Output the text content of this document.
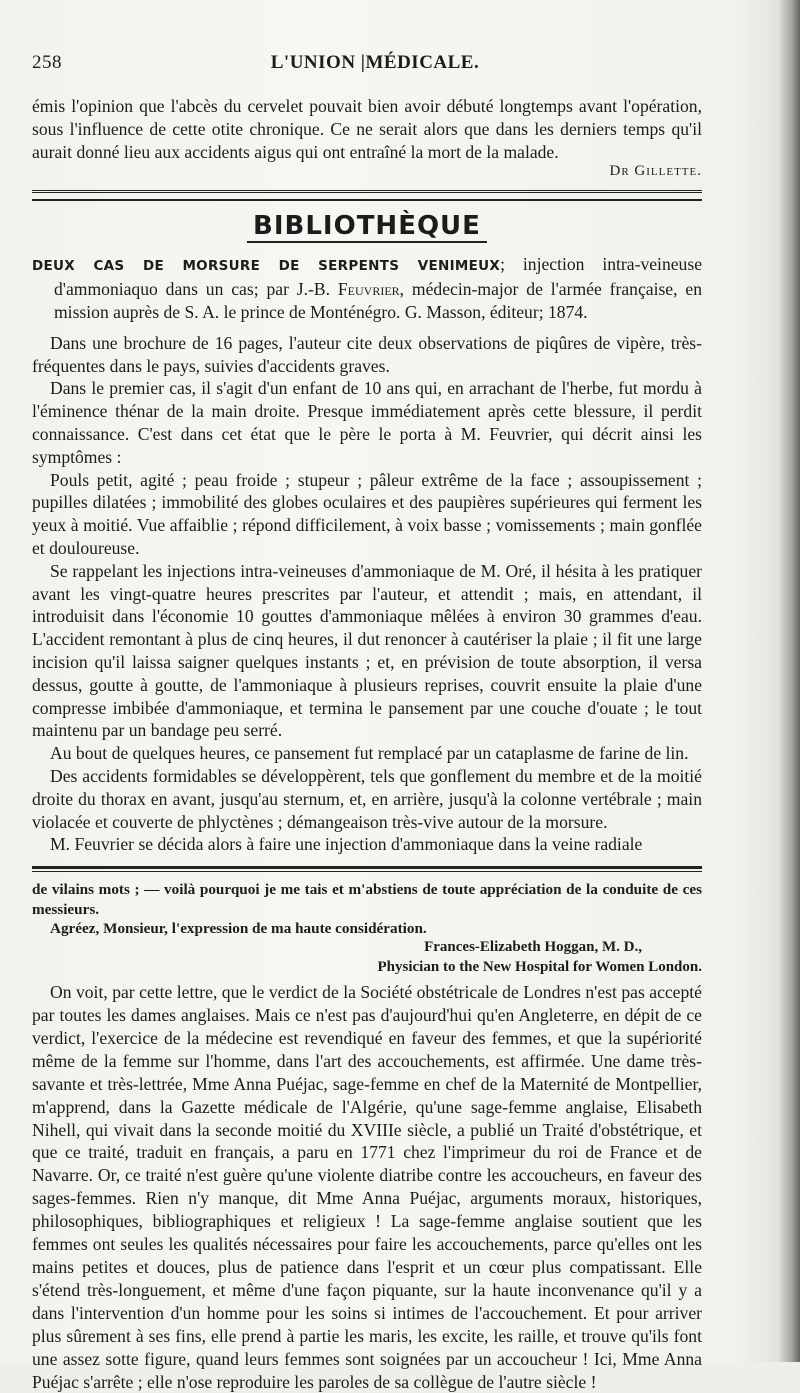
258	L'UNION |MÉDICALE.

émis l'opinion que l'abcès du cervelet pouvait bien avoir débuté longtemps avant l'opération, sous l'influence de cette otite chronique. Ce ne serait alors que dans les derniers temps qu'il aurait donné lieu aux accidents aigus qui ont entraîné la mort de la malade.

Dr Gillette.

BIBLIOTHÈQUE

DEUX CAS DE MORSURE DE SERPENTS VENIMEUX; injection intra-veineuse d'ammoniaquo dans un cas; par J.-B. Feuvrier, médecin-major de l'armée française, en mission auprès de S. A. le prince de Monténégro. G. Masson, éditeur; 1874.

Dans une brochure de 16 pages, l'auteur cite deux observations de piqûres de vipère, très-fréquentes dans le pays, suivies d'accidents graves.

Dans le premier cas, il s'agit d'un enfant de 10 ans qui, en arrachant de l'herbe, fut mordu à l'éminence thénar de la main droite. Presque immédiatement après cette blessure, il perdit connaissance. C'est dans cet état que le père le porta à M. Feuvrier, qui décrit ainsi les symptômes :

Pouls petit, agité ; peau froide ; stupeur ; pâleur extrême de la face ; assoupissement ; pupilles dilatées ; immobilité des globes oculaires et des paupières supérieures qui ferment les yeux à moitié. Vue affaiblie ; répond difficilement, à voix basse ; vomissements ; main gonflée et douloureuse.

Se rappelant les injections intra-veineuses d'ammoniaque de M. Oré, il hésita à les pratiquer avant les vingt-quatre heures prescrites par l'auteur, et attendit ; mais, en attendant, il introduisit dans l'économie 10 gouttes d'ammoniaque mêlées à environ 30 grammes d'eau. L'accident remontant à plus de cinq heures, il dut renoncer à cautériser la plaie ; il fit une large incision qu'il laissa saigner quelques instants ; et, en prévision de toute absorption, il versa dessus, goutte à goutte, de l'ammoniaque à plusieurs reprises, couvrit ensuite la plaie d'une compresse imbibée d'ammoniaque, et termina le pansement par une couche d'ouate ; le tout maintenu par un bandage peu serré.

Au bout de quelques heures, ce pansement fut remplacé par un cataplasme de farine de lin.

Des accidents formidables se développèrent, tels que gonflement du membre et de la moitié droite du thorax en avant, jusqu'au sternum, et, en arrière, jusqu'à la colonne vertébrale ; main violacée et couverte de phlyctènes ; démangeaison très-vive autour de la morsure.

M. Feuvrier se décida alors à faire une injection d'ammoniaque dans la veine radiale

de vilains mots ; — voilà pourquoi je me tais et m'abstiens de toute appréciation de la conduite de ces messieurs.

Agréez, Monsieur, l'expression de ma haute considération.

Frances-Elizabeth Hoggan, M. D.,

Physician to the New Hospital for Women London.

On voit, par cette lettre, que le verdict de la Société obstétricale de Londres n'est pas accepté par toutes les dames anglaises. Mais ce n'est pas d'aujourd'hui qu'en Angleterre, en dépit de ce verdict, l'exercice de la médecine est revendiqué en faveur des femmes, et que la supériorité même de la femme sur l'homme, dans l'art des accouchements, est affirmée. Une dame très-savante et très-lettrée, Mme Anna Puéjac, sage-femme en chef de la Maternité de Montpellier, m'apprend, dans la Gazette médicale de l'Algérie, qu'une sage-femme anglaise, Elisabeth Nihell, qui vivait dans la seconde moitié du XVIIIe siècle, a publié un Traité d'obstétrique, et que ce traité, traduit en français, a paru en 1771 chez l'imprimeur du roi de France et de Navarre. Or, ce traité n'est guère qu'une violente diatribe contre les accoucheurs, en faveur des sages-femmes. Rien n'y manque, dit Mme Anna Puéjac, arguments moraux, historiques, philosophiques, bibliographiques et religieux ! La sage-femme anglaise soutient que les femmes ont seules les qualités nécessaires pour faire les accouchements, parce qu'elles ont les mains petites et douces, plus de patience dans l'esprit et un cœur plus compatissant. Elle s'étend très-longuement, et même d'une façon piquante, sur la haute inconvenance qu'il y a dans l'intervention d'un homme pour les soins si intimes de l'accouchement. Et pour arriver plus sûrement à ses fins, elle prend à partie les maris, les excite, les raille, et trouve qu'ils font une assez sotte figure, quand leurs femmes sont soignées par un accoucheur ! Ici, Mme Anna Puéjac s'arrête ; elle n'ose reproduire les paroles de sa collègue de l'autre siècle !
